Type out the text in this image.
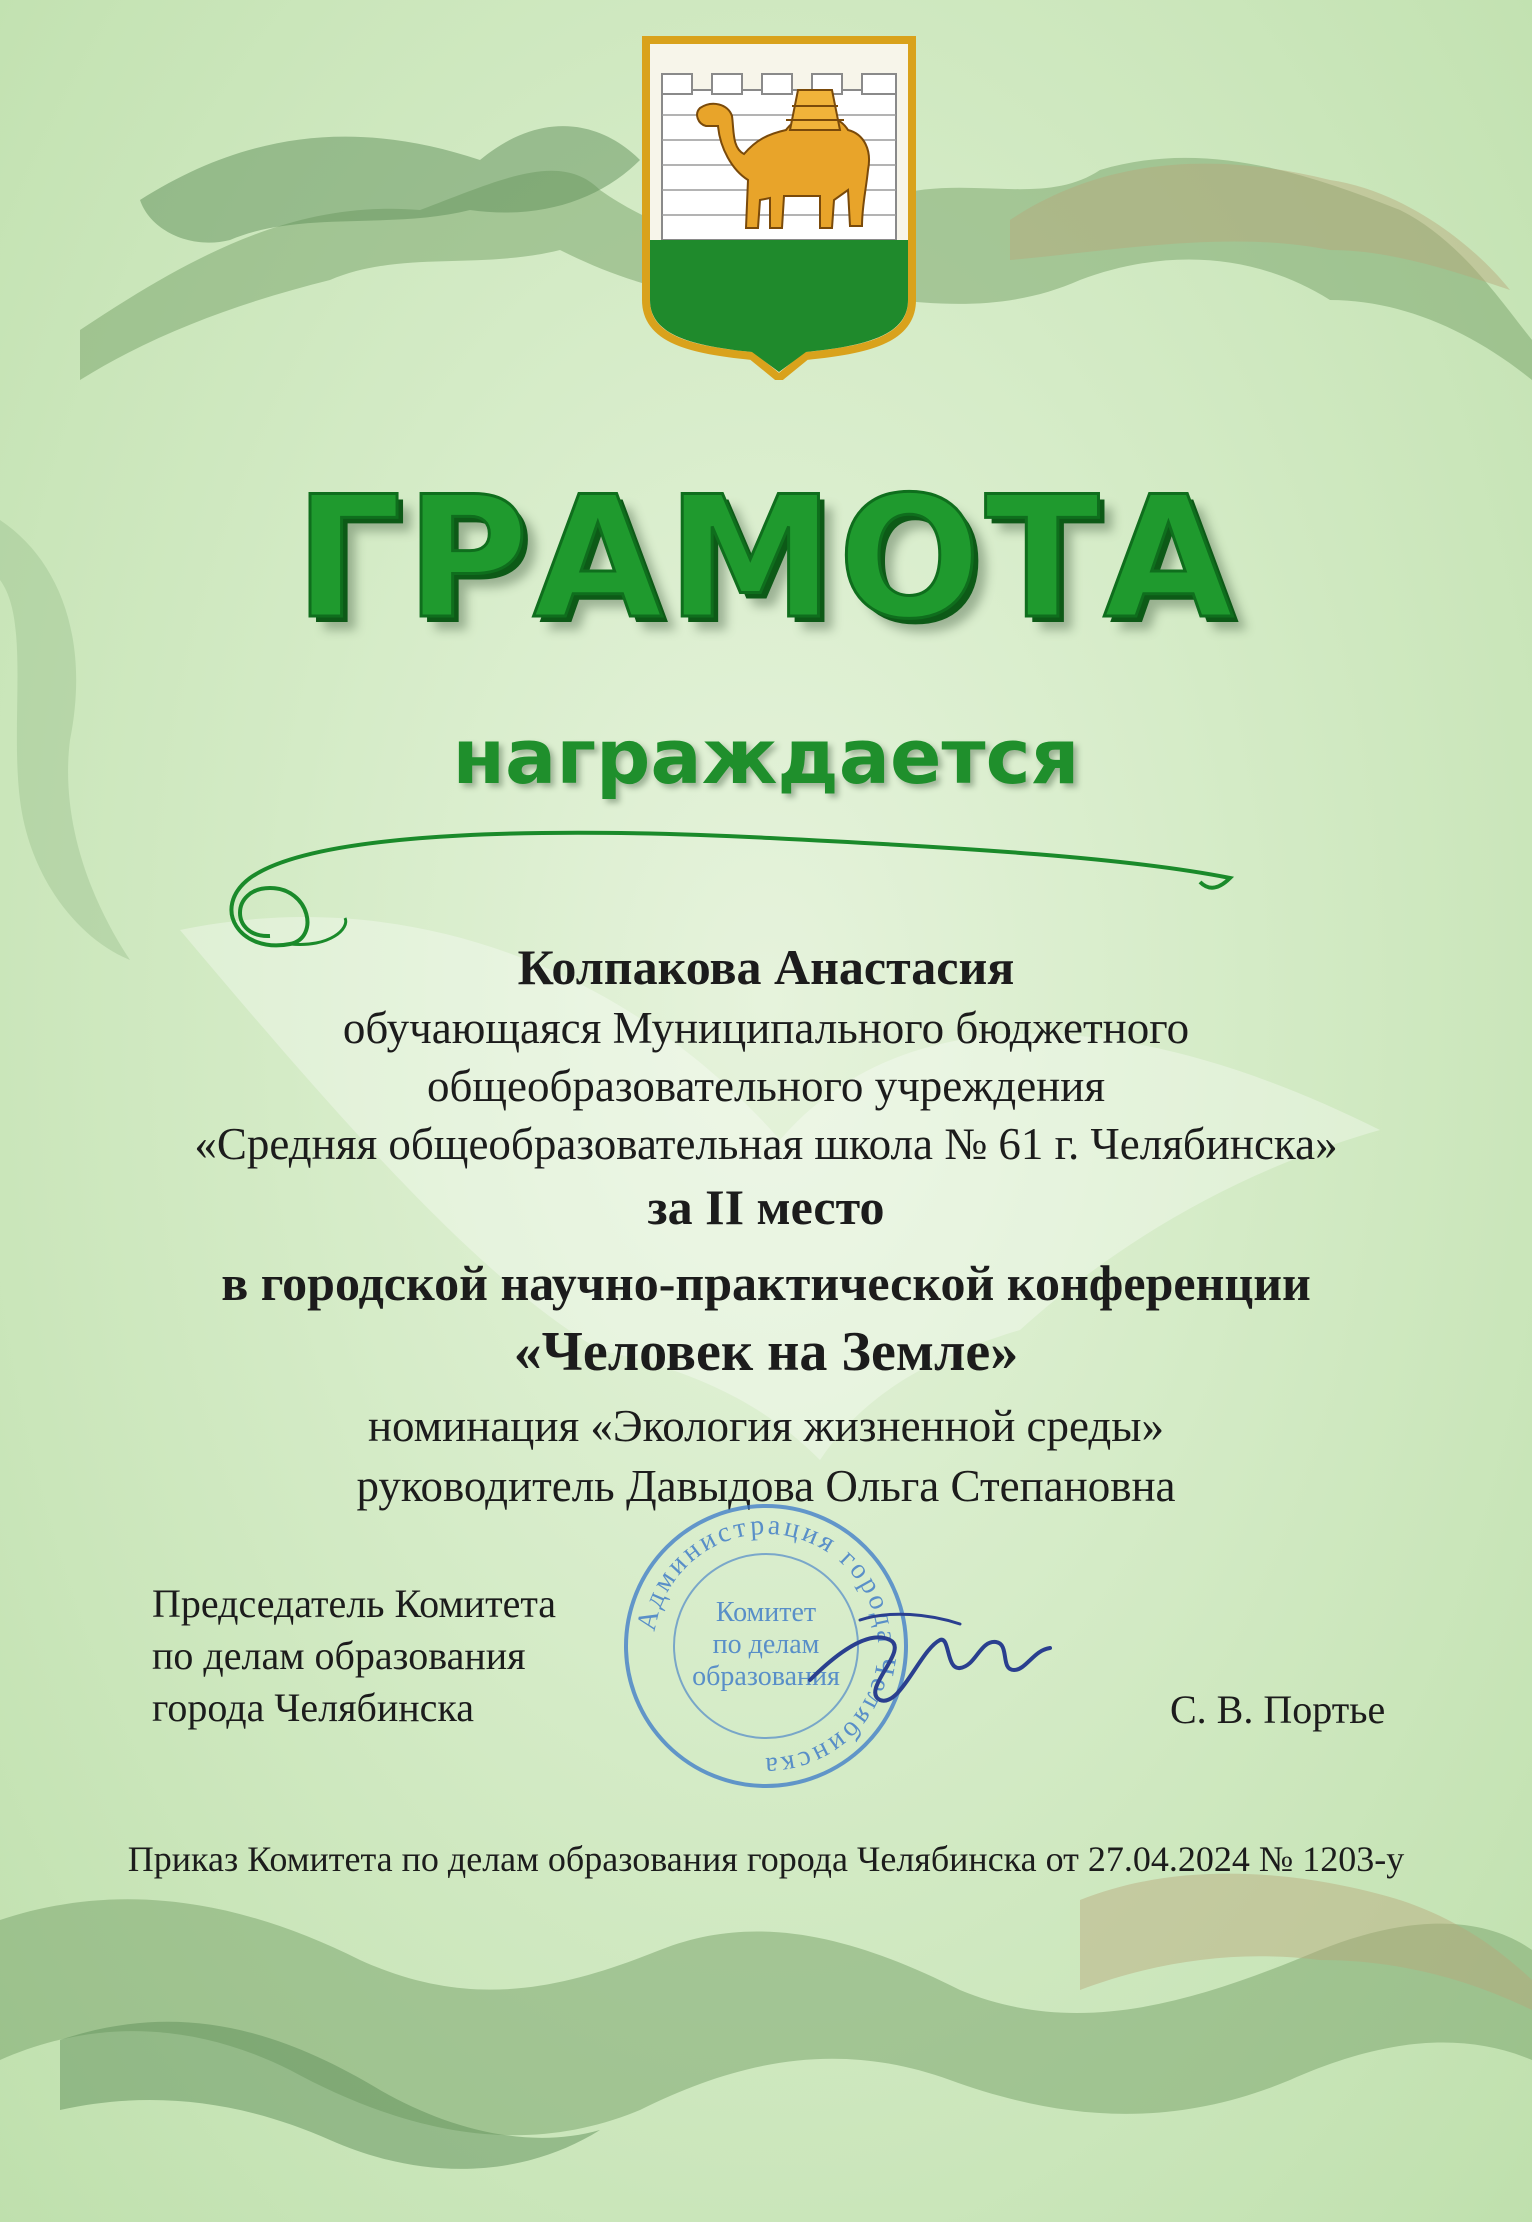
ГРАМОТА
награждается
Колпакова Анастасия
обучающаяся Муниципального бюджетного
общеобразовательного учреждения
«Средняя общеобразовательная школа № 61 г. Челябинска»
за II место
в городской научно-практической конференции
«Человек на Земле»
номинация «Экология жизненной среды»
руководитель Давыдова Ольга Степановна
Председатель Комитета
по делам образования
города Челябинска
Администрация города Челябинска
Комитет
по делам
образования
С. В. Портье
Приказ Комитета по делам образования города Челябинска от 27.04.2024 № 1203-у
